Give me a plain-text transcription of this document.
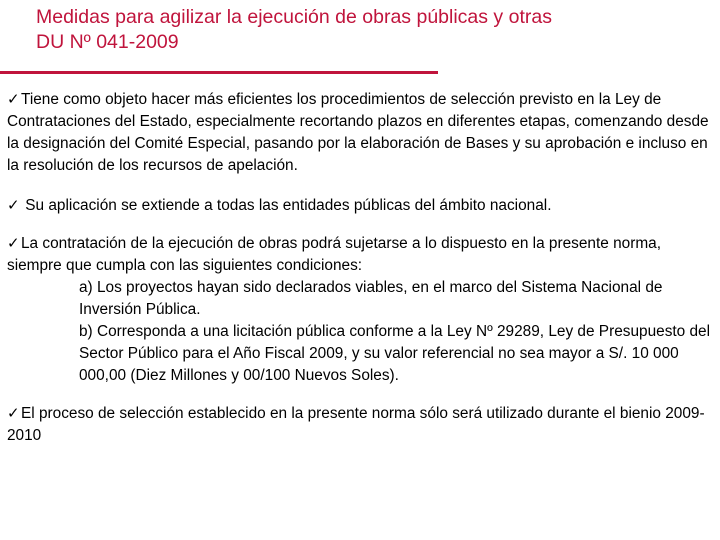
Medidas para agilizar la ejecución de obras públicas y otras
DU Nº 041-2009
✓Tiene como objeto hacer más eficientes los procedimientos de selección previsto en la Ley de Contrataciones del Estado, especialmente recortando plazos en diferentes etapas, comenzando desde la designación del Comité Especial, pasando por la elaboración de Bases y su aprobación e incluso en la resolución de los recursos de apelación.
✓ Su aplicación se extiende a todas las entidades públicas del ámbito nacional.
✓La contratación de la ejecución de obras podrá sujetarse a lo dispuesto en la presente norma, siempre que cumpla con las siguientes condiciones:
a) Los proyectos hayan sido declarados viables, en el marco del Sistema Nacional de Inversión Pública.
b) Corresponda a una licitación pública conforme a la Ley Nº 29289, Ley de Presupuesto del Sector Público para el Año Fiscal 2009, y su valor referencial no sea mayor a S/. 10 000 000,00 (Diez Millones y 00/100 Nuevos Soles).
✓El proceso de selección establecido en la presente norma sólo será utilizado durante el bienio 2009-2010
